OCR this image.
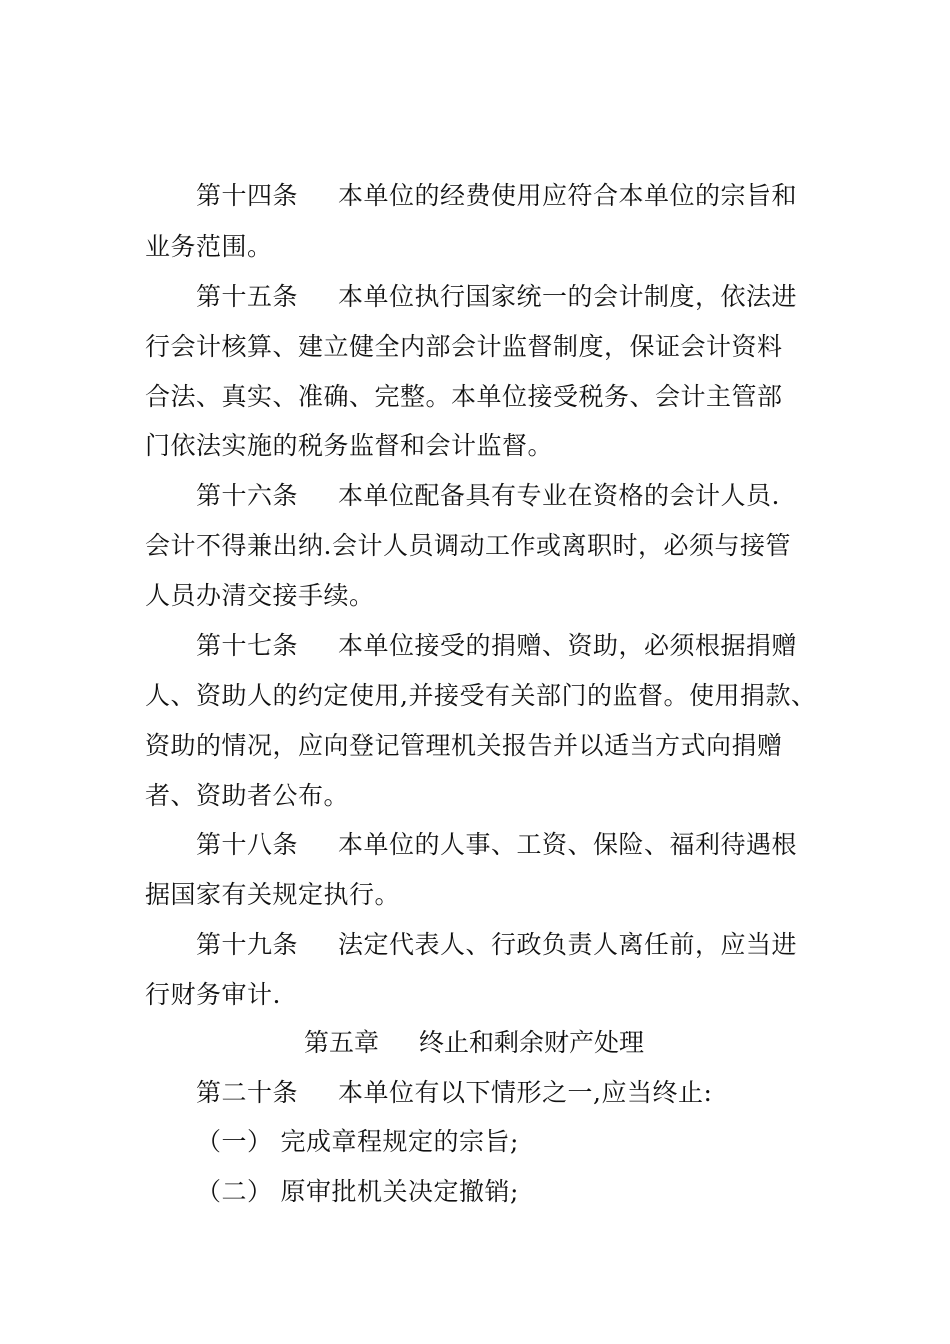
第十四条 本单位的经费使用应符合本单位的宗旨和
业务范围。
第十五条 本单位执行国家统一的会计制度，依法进
行会计核算、建立健全内部会计监督制度，保证会计资料
合法、真实、准确、完整。本单位接受税务、会计主管部
门依法实施的税务监督和会计监督。
第十六条 本单位配备具有专业在资格的会计人员.
会计不得兼出纳.会计人员调动工作或离职时，必须与接管
人员办清交接手续。
第十七条 本单位接受的捐赠、资助，必须根据捐赠
人、资助人的约定使用,并接受有关部门的监督。使用捐款、
资助的情况，应向登记管理机关报告并以适当方式向捐赠
者、资助者公布。
第十八条 本单位的人事、工资、保险、福利待遇根
据国家有关规定执行。
第十九条 法定代表人、行政负责人离任前，应当进
行财务审计.
第五章 终止和剩余财产处理
第二十条 本单位有以下情形之一,应当终止:
（一） 完成章程规定的宗旨;
（二） 原审批机关决定撤销;
